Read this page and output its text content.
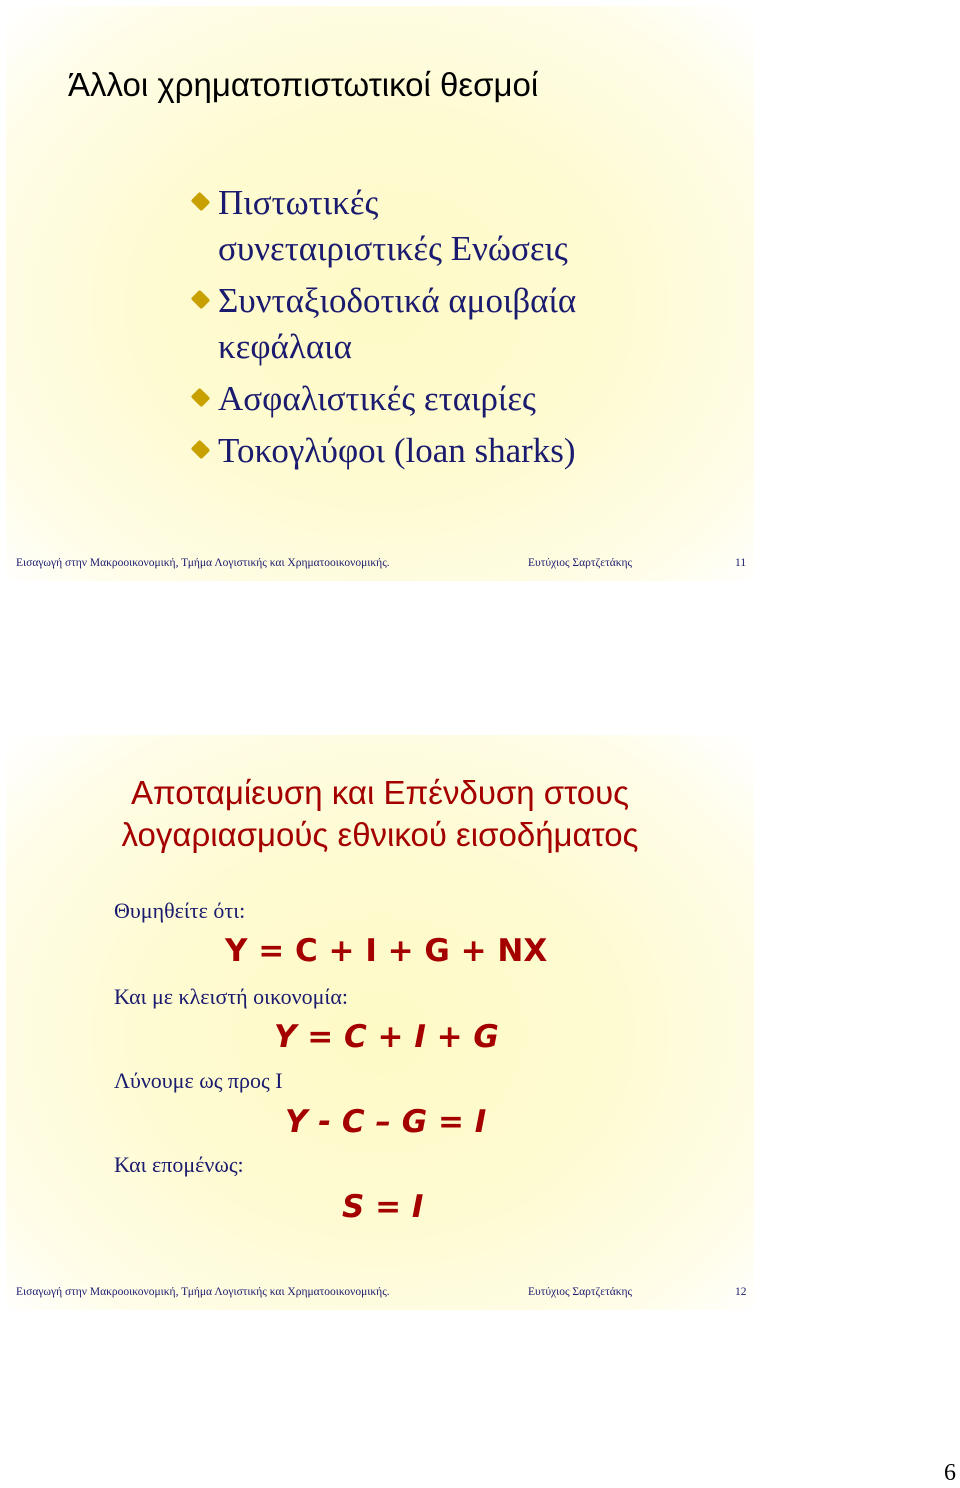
Άλλοι χρηματοπιστωτικοί θεσμοί
Πιστωτικές
συνεταιριστικές Ενώσεις
Συνταξιοδοτικά αμοιβαία
κεφάλαια
Ασφαλιστικές εταιρίες
Τοκογλύφοι (loan sharks)
Εισαγωγή στην Μακροοικονομική, Τμήμα Λογιστικής και Χρηματοοικονομικής.	Ευτύχιος Σαρτζετάκης	11
Αποταμίευση και Επένδυση στους
λογαριασμούς εθνικού εισοδήματος
Θυμηθείτε ότι:
Y = C + I + G + NX
Και με κλειστή οικονομία:
Y = C + I + G
Λύνουμε ως προς I
Y - C – G = I
Και επομένως:
S = I
Εισαγωγή στην Μακροοικονομική, Τμήμα Λογιστικής και Χρηματοοικονομικής.	Ευτύχιος Σαρτζετάκης	12
6
